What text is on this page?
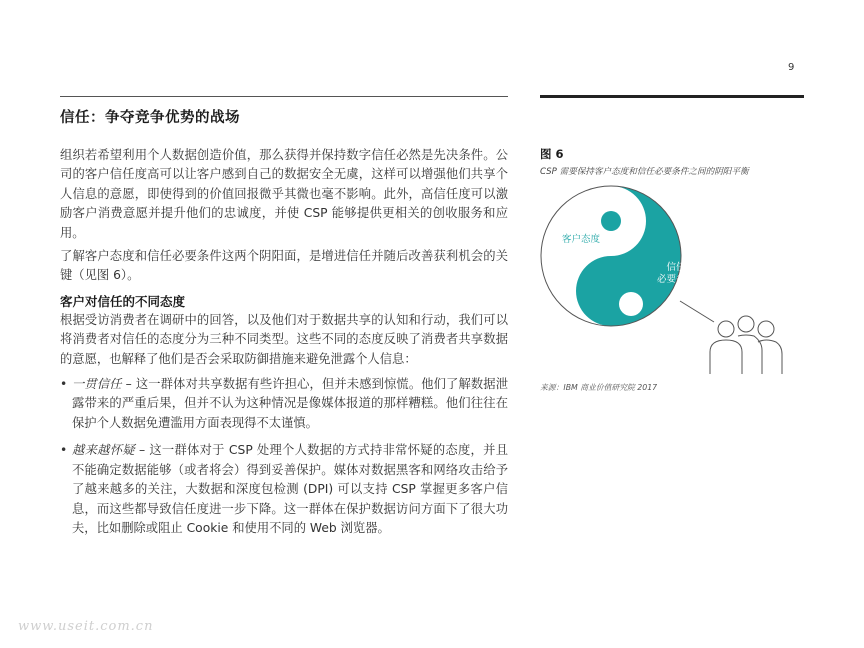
9
信任：争夺竞争优势的战场

组织若希望利用个人数据创造价值，那么获得并保持数字信任必然是先决条件。公司的客户信任度高可以让客户感到自己的数据安全无虞，这样可以增强他们共享个人信息的意愿，即使得到的价值回报微乎其微也毫不影响。此外，高信任度可以激励客户消费意愿并提升他们的忠诚度，并使 CSP 能够提供更相关的创收服务和应用。

了解客户态度和信任必要条件这两个阴阳面，是增进信任并随后改善获利机会的关键（见图 6）。

客户对信任的不同态度

根据受访消费者在调研中的回答，以及他们对于数据共享的认知和行动，我们可以将消费者对信任的态度分为三种不同类型。这些不同的态度反映了消费者共享数据的意愿，也解释了他们是否会采取防御措施来避免泄露个人信息：

• 一贯信任 – 这一群体对共享数据有些许担心，但并未感到惊慌。他们了解数据泄露带来的严重后果，但并不认为这种情况是像媒体报道的那样糟糕。他们往往在保护个人数据免遭滥用方面表现得不太谨慎。
• 越来越怀疑 – 这一群体对于 CSP 处理个人数据的方式持非常怀疑的态度，并且不能确定数据能够（或者将会）得到妥善保护。媒体对数据黑客和网络攻击给予了越来越多的关注，大数据和深度包检测 (DPI) 可以支持 CSP 掌握更多客户信息，而这些都导致信任度进一步下降。这一群体在保护数据访问方面下了很大功夫，比如删除或阻止 Cookie 和使用不同的 Web 浏览器。
图 6
CSP 需要保持客户态度和信任必要条件之间的阴阳平衡
客户态度
信任
必要条件
来源：IBM 商业价值研究院 2017
www.useit.com.cn
